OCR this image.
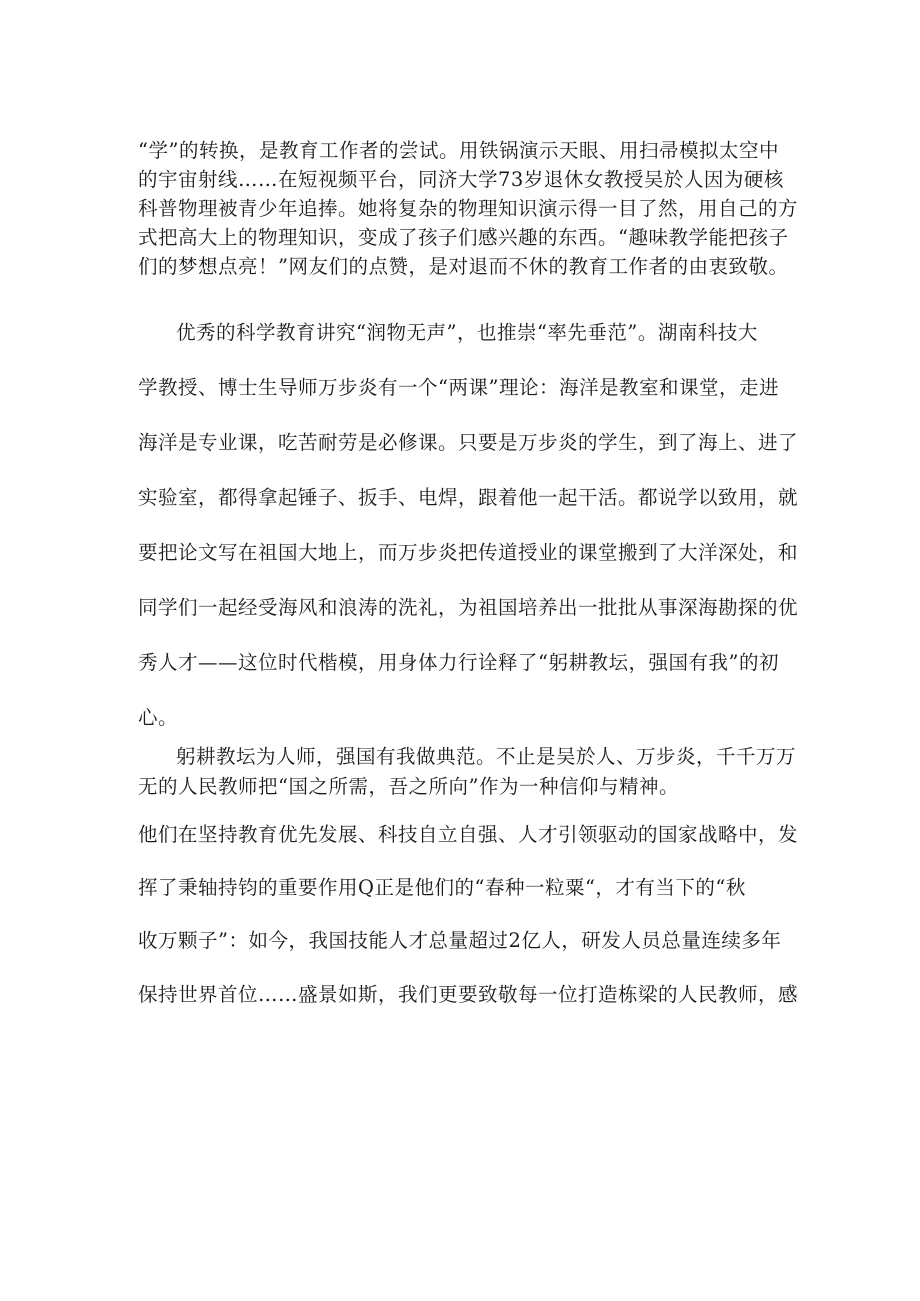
“学”的转换，是教育工作者的尝试。用铁锅演示天眼、用扫帚模拟太空中
的宇宙射线……在短视频平台，同济大学73岁退休女教授吴於人因为硬核
科普物理被青少年追捧。她将复杂的物理知识演示得一目了然，用自己的方
式把高大上的物理知识，变成了孩子们感兴趣的东西。“趣味教学能把孩子
们的梦想点亮！”网友们的点赞，是对退而不休的教育工作者的由衷致敬。
优秀的科学教育讲究“润物无声”，也推崇“率先垂范”。湖南科技大
学教授、博士生导师万步炎有一个“两课”理论：海洋是教室和课堂，走进
海洋是专业课，吃苦耐劳是必修课。只要是万步炎的学生，到了海上、进了
实验室，都得拿起锤子、扳手、电焊，跟着他一起干活。都说学以致用，就
要把论文写在祖国大地上，而万步炎把传道授业的课堂搬到了大洋深处，和
同学们一起经受海风和浪涛的洗礼，为祖国培养出一批批从事深海勘探的优
秀人才——这位时代楷模，用身体力行诠释了“躬耕教坛，强国有我”的初
心。
躬耕教坛为人师，强国有我做典范。不止是吴於人、万步炎，千千万万
无的人民教师把“国之所需，吾之所向”作为一种信仰与精神。
他们在坚持教育优先发展、科技自立自强、人才引领驱动的国家战略中，发
挥了秉轴持钧的重要作用Q正是他们的“春种一粒粟“，才有当下的“秋
收万颗子”：如今，我国技能人才总量超过2亿人，研发人员总量连续多年
保持世界首位……盛景如斯，我们更要致敬每一位打造栋梁的人民教师，感
